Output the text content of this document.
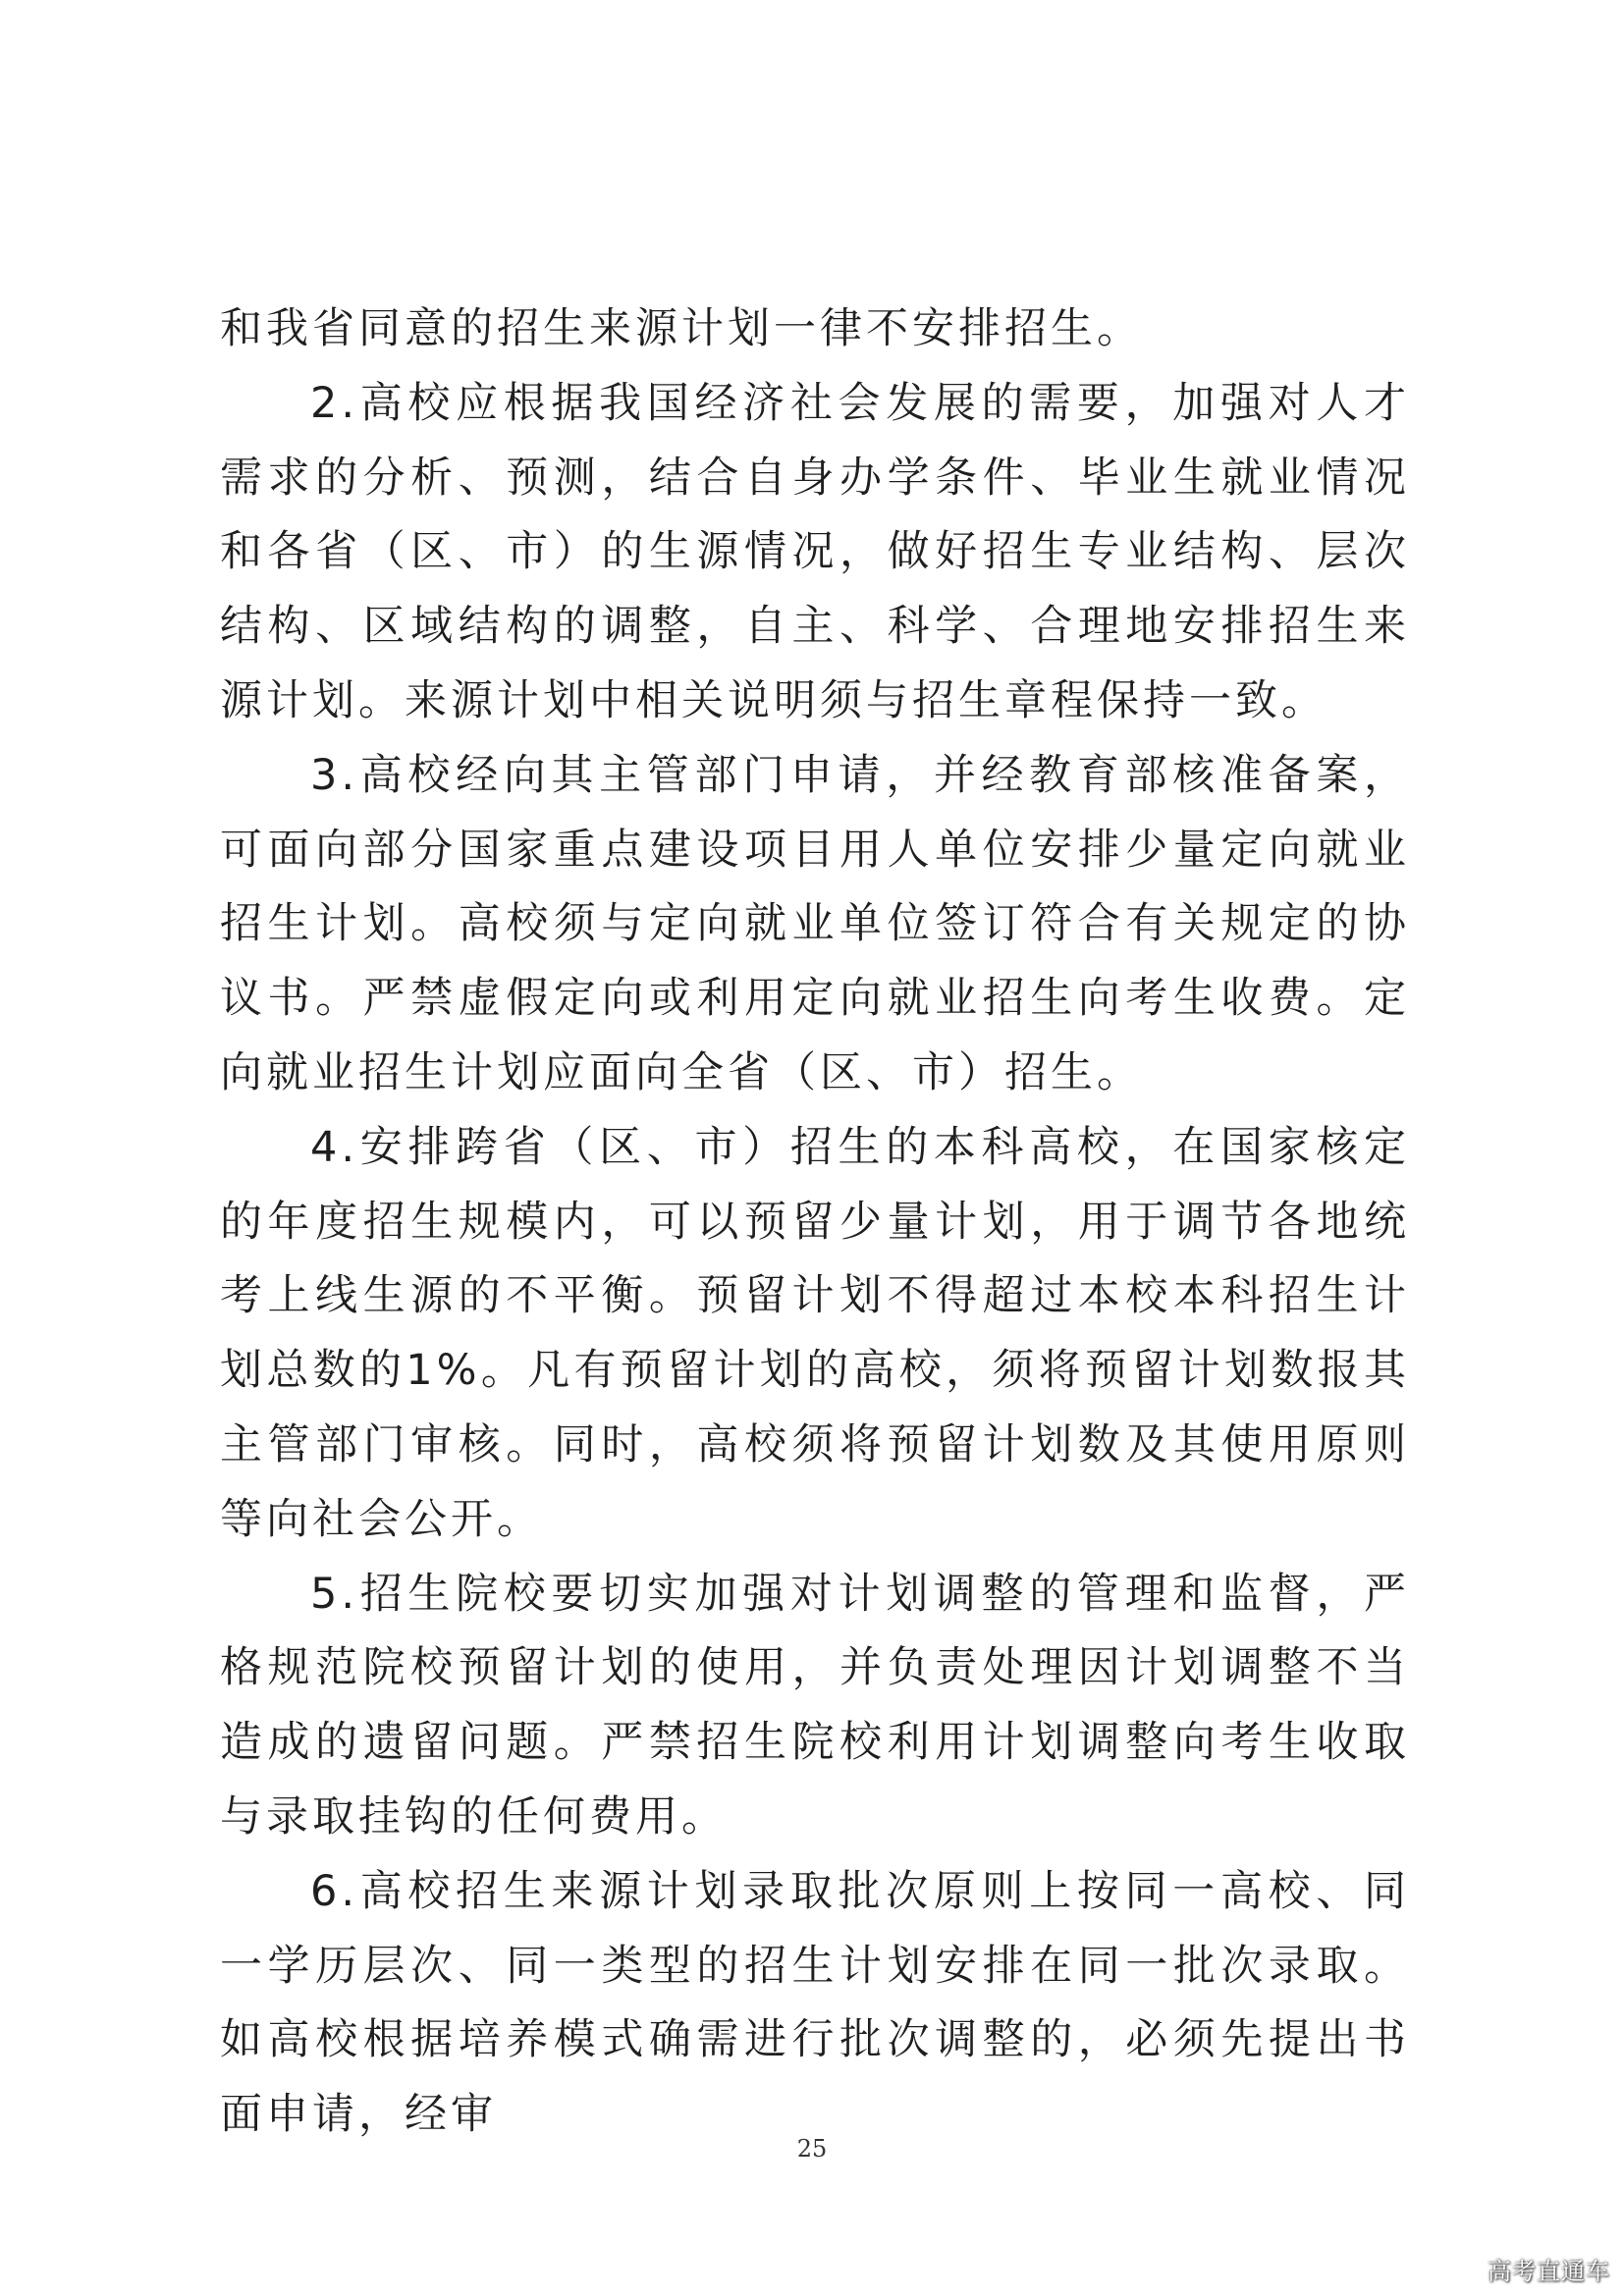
和我省同意的招生来源计划一律不安排招生。

2.高校应根据我国经济社会发展的需要，加强对人才需求的分析、预测，结合自身办学条件、毕业生就业情况和各省（区、市）的生源情况，做好招生专业结构、层次结构、区域结构的调整，自主、科学、合理地安排招生来源计划。来源计划中相关说明须与招生章程保持一致。

3.高校经向其主管部门申请，并经教育部核准备案，可面向部分国家重点建设项目用人单位安排少量定向就业招生计划。高校须与定向就业单位签订符合有关规定的协议书。严禁虚假定向或利用定向就业招生向考生收费。定向就业招生计划应面向全省（区、市）招生。

4.安排跨省（区、市）招生的本科高校，在国家核定的年度招生规模内，可以预留少量计划，用于调节各地统考上线生源的不平衡。预留计划不得超过本校本科招生计划总数的1%。凡有预留计划的高校，须将预留计划数报其主管部门审核。同时，高校须将预留计划数及其使用原则等向社会公开。

5.招生院校要切实加强对计划调整的管理和监督，严格规范院校预留计划的使用，并负责处理因计划调整不当造成的遗留问题。严禁招生院校利用计划调整向考生收取与录取挂钩的任何费用。

6.高校招生来源计划录取批次原则上按同一高校、同一学历层次、同一类型的招生计划安排在同一批次录取。如高校根据培养模式确需进行批次调整的，必须先提出书面申请，经审

25
高考直通车
